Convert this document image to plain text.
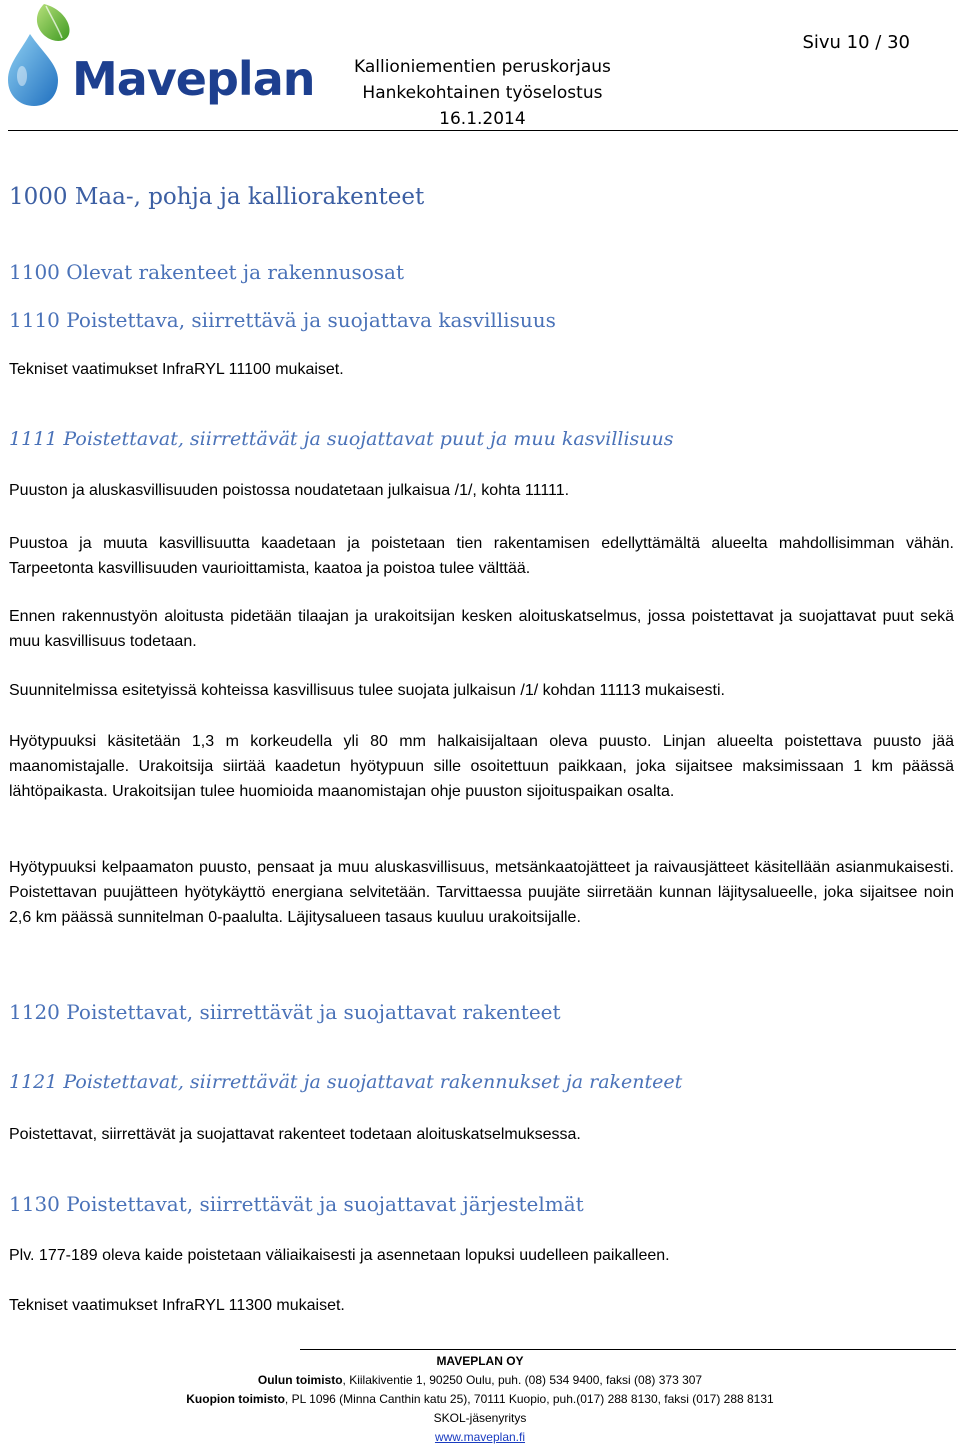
Maveplan Kallioniementien peruskorjaus
Hankekohtainen työselostus
16.1.2014
Sivu 10 / 30
1000 Maa-, pohja ja kalliorakenteet
1100 Olevat rakenteet ja rakennusosat
1110 Poistettava, siirrettävä ja suojattava kasvillisuus
Tekniset vaatimukset InfraRYL 11100 mukaiset.
1111 Poistettavat, siirrettävät ja suojattavat puut ja muu kasvillisuus
Puuston ja aluskasvillisuuden poistossa noudatetaan julkaisua /1/, kohta 11111.
Puustoa ja muuta kasvillisuutta kaadetaan ja poistetaan tien rakentamisen edellyttämältä alueelta mahdollisimman vähän. Tarpeetonta kasvillisuuden vaurioittamista, kaatoa ja poistoa tulee välttää.
Ennen rakennustyön aloitusta pidetään tilaajan ja urakoitsijan kesken aloituskatselmus, jossa poistettavat ja suojattavat puut sekä muu kasvillisuus todetaan.
Suunnitelmissa esitetyissä kohteissa kasvillisuus tulee suojata julkaisun /1/ kohdan 11113 mukaisesti.
Hyötypuuksi käsitetään 1,3 m korkeudella yli 80 mm halkaisijaltaan oleva puusto. Linjan alueelta poistettava puusto jää maanomistajalle. Urakoitsija siirtää kaadetun hyötypuun sille osoitettuun paikkaan, joka sijaitsee maksimissaan 1 km päässä lähtöpaikasta. Urakoitsijan tulee huomioida maanomistajan ohje puuston sijoituspaikan osalta.
Hyötypuuksi kelpaamaton puusto, pensaat ja muu aluskasvillisuus, metsänkaatojätteet ja raivausjätteet käsitellään asianmukaisesti. Poistettavan puujätteen hyötykäyttö energiana selvitetään. Tarvittaessa puujäte siirretään kunnan läjitysalueelle, joka sijaitsee noin 2,6 km päässä sunnitelman 0-paalulta. Läjitysalueen tasaus kuuluu urakoitsijalle.
1120 Poistettavat, siirrettävät ja suojattavat rakenteet
1121 Poistettavat, siirrettävät ja suojattavat rakennukset ja rakenteet
Poistettavat, siirrettävät ja suojattavat rakenteet todetaan aloituskatselmuksessa.
1130 Poistettavat, siirrettävät ja suojattavat järjestelmät
Plv. 177-189 oleva kaide poistetaan väliaikaisesti ja asennetaan lopuksi uudelleen paikalleen.
Tekniset vaatimukset InfraRYL 11300 mukaiset.
MAVEPLAN OY
Oulun toimisto, Kiilakiventie 1, 90250 Oulu, puh. (08) 534 9400, faksi (08) 373 307
Kuopion toimisto, PL 1096 (Minna Canthin katu 25), 70111 Kuopio, puh.(017) 288 8130, faksi (017) 288 8131
SKOL-jäsenyritys
www.maveplan.fi
